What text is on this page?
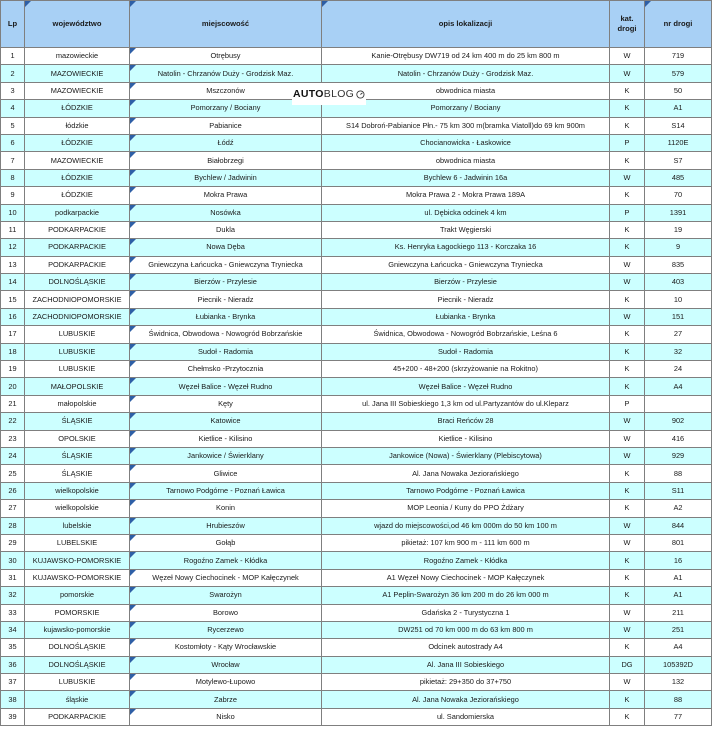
Lp	województwo	miejscowość	opis lokalizacji	kat. drogi	nr drogi
1	mazowieckie	Otrębusy	Kanie-Otrębusy DW719 od 24 km 400 m do 25 km 800 m	W	719
2	MAZOWIECKIE	Natolin - Chrzanów Duży - Grodzisk Maz.	Natolin - Chrzanów Duży - Grodzisk Maz.	W	579
3	MAZOWIECKIE	Mszczonów	obwodnica miasta	K	50
4	ŁÓDZKIE	Pomorzany / Bociany	Pomorzany / Bociany	K	A1
5	łódzkie	Pabianice	S14 Dobroń-Pabianice Płn.- 75 km 300 m(bramka Viatoll)do 69 km 900m	K	S14
6	ŁÓDZKIE	Łódź	Chocianowicka - Łaskowice	P	1120E
7	MAZOWIECKIE	Białobrzegi	obwodnica miasta	K	S7
8	ŁÓDZKIE	Bychlew / Jadwinin	Bychlew 6 - Jadwinin 16a	W	485
9	ŁÓDZKIE	Mokra Prawa	Mokra Prawa 2 - Mokra Prawa 189A	K	70
10	podkarpackie	Nosówka	ul. Dębicka odcinek 4 km	P	1391
11	PODKARPACKIE	Dukla	Trakt Węgierski	K	19
12	PODKARPACKIE	Nowa Dęba	Ks. Henryka Łagockiego 113 - Korczaka 16	K	9
13	PODKARPACKIE	Gniewczyna Łańcucka - Gniewczyna Tryniecka	Gniewczyna Łańcucka - Gniewczyna Tryniecka	W	835
14	DOLNOŚLĄSKIE	Bierzów - Przylesie	Bierzów - Przylesie	W	403
15	ZACHODNIOPOMORSKIE	Piecnik - Nieradz	Piecnik - Nieradz	K	10
16	ZACHODNIOPOMORSKIE	Łubianka - Brynka	Łubianka - Brynka	W	151
17	LUBUSKIE	Świdnica, Obwodowa - Nowogród Bobrzańskie	Świdnica, Obwodowa - Nowogród Bobrzańskie, Leśna 6	K	27
18	LUBUSKIE	Sudoł - Radomia	Sudoł - Radomia	K	32
19	LUBUSKIE	Chełmsko -Przytocznia	45+200 - 48+200 (skrzyżowanie na Rokitno)	K	24
20	MAŁOPOLSKIE	Węzeł Balice - Węzeł Rudno	Węzeł Balice - Węzeł Rudno	K	A4
21	małopolskie	Kęty	ul. Jana III Sobieskiego 1,3 km od ul.Partyzantów do ul.Kleparz	P	
22	ŚLĄSKIE	Katowice	Braci Reńców 28	W	902
23	OPOLSKIE	Kietlice - Kilisino	Kietlice - Kilisino	W	416
24	ŚLĄSKIE	Jankowice / Świerklany	Jankowice (Nowa) - Świerklany (Plebiscytowa)	W	929
25	ŚLĄSKIE	Gliwice	Al. Jana Nowaka Jeziorańskiego	K	88
26	wielkopolskie	Tarnowo Podgórne - Poznań Ławica	Tarnowo Podgórne - Poznań Ławica	K	S11
27	wielkopolskie	Konin	MOP Leonia / Kuny do PPO Żdżary	K	A2
28	lubelskie	Hrubieszów	wjazd do miejscowości,od 46 km 000m do 50 km 100 m	W	844
29	LUBELSKIE	Gołąb	pikietaż: 107 km 900 m - 111 km 600 m	W	801
30	KUJAWSKO-POMORSKIE	Rogoźno Zamek - Kłódka	Rogoźno Zamek - Kłódka	K	16
31	KUJAWSKO-POMORSKIE	Węzeł Nowy Ciechocinek - MOP Kałęczynek	A1 Węzeł Nowy Ciechocinek - MOP Kałęczynek	K	A1
32	pomorskie	Swarożyn	A1 Peplin-Swarożyn 36 km 200 m do 26 km 000 m	K	A1
33	POMORSKIE	Borowo	Gdańska 2 - Turystyczna 1	W	211
34	kujawsko-pomorskie	Rycerzewo	DW251 od 70 km 000 m do 63 km 800 m	W	251
35	DOLNOŚLĄSKIE	Kostomłoty - Kąty Wrocławskie	Odcinek autostrady A4	K	A4
36	DOLNOŚLĄSKIE	Wrocław	Al. Jana III Sobieskiego	DG	105392D
37	LUBUSKIE	Motylewo-Łupowo	pikietaż: 29+350 do 37+750	W	132
38	śląskie	Zabrze	Al. Jana Nowaka Jeziorańskiego	K	88
39	PODKARPACKIE	Nisko	ul. Sandomierska	K	77
AUTO BLOG
